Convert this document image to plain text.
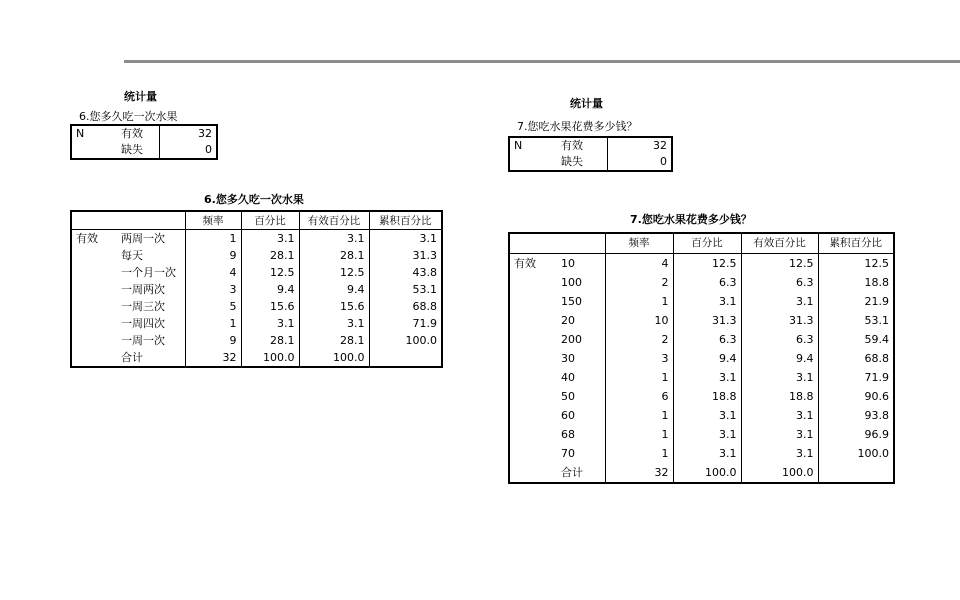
统计量
6.您多久吃一次水果
N	有效	32
	缺失	0
6.您多久吃一次水果
		频率	百分比	有效百分比	累积百分比
有效	两周一次	1	3.1	3.1	3.1
	每天	9	28.1	28.1	31.3
	一个月一次	4	12.5	12.5	43.8
	一周两次	3	9.4	9.4	53.1
	一周三次	5	15.6	15.6	68.8
	一周四次	1	3.1	3.1	71.9
	一周一次	9	28.1	28.1	100.0
	合计	32	100.0	100.0	
统计量
7.您吃水果花费多少钱？
N	有效	32
	缺失	0
7.您吃水果花费多少钱？
		频率	百分比	有效百分比	累积百分比
有效	10	4	12.5	12.5	12.5
	100	2	6.3	6.3	18.8
	150	1	3.1	3.1	21.9
	20	10	31.3	31.3	53.1
	200	2	6.3	6.3	59.4
	30	3	9.4	9.4	68.8
	40	1	3.1	3.1	71.9
	50	6	18.8	18.8	90.6
	60	1	3.1	3.1	93.8
	68	1	3.1	3.1	96.9
	70	1	3.1	3.1	100.0
	合计	32	100.0	100.0	
